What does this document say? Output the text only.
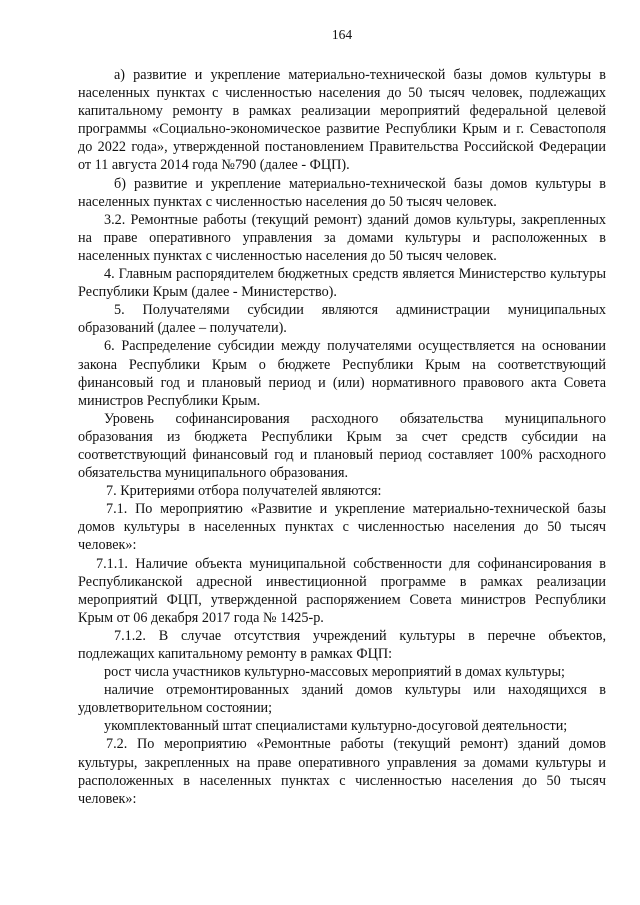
164

а) развитие и укрепление материально-технической базы домов культуры в населенных пунктах с численностью населения до 50 тысяч человек, подлежащих капитальному ремонту в рамках реализации мероприятий федеральной целевой программы «Социально-экономическое развитие Республики Крым и г. Севастополя до 2022 года», утвержденной постановлением Правительства Российской Федерации от 11 августа 2014 года №790 (далее - ФЦП).

б) развитие и укрепление материально-технической базы домов культуры в населенных пунктах с численностью населения до 50 тысяч человек.

3.2. Ремонтные работы (текущий ремонт) зданий домов культуры, закрепленных на праве оперативного управления за домами культуры и расположенных в населенных пунктах с численностью населения до 50 тысяч человек.

4. Главным распорядителем бюджетных средств является Министерство культуры Республики Крым (далее - Министерство).

5. Получателями субсидии являются администрации муниципальных образований (далее – получатели).

6. Распределение субсидии между получателями осуществляется на основании закона Республики Крым о бюджете Республики Крым на соответствующий финансовый год и плановый период и (или) нормативного правового акта Совета министров Республики Крым.

Уровень софинансирования расходного обязательства муниципального образования из бюджета Республики Крым за счет средств субсидии на соответствующий финансовый год и плановый период составляет 100% расходного обязательства муниципального образования.

7. Критериями отбора получателей являются:

7.1. По мероприятию «Развитие и укрепление материально-технической базы домов культуры в населенных пунктах с численностью населения до 50 тысяч человек»:

7.1.1. Наличие объекта муниципальной собственности для софинансирования в Республиканской адресной инвестиционной программе в рамках реализации мероприятий ФЦП, утвержденной распоряжением Совета министров Республики Крым от 06 декабря 2017 года № 1425-р.

7.1.2. В случае отсутствия учреждений культуры в перечне объектов, подлежащих капитальному ремонту в рамках ФЦП:

рост числа участников культурно-массовых мероприятий в домах культуры;

наличие отремонтированных зданий домов культуры или находящихся в удовлетворительном состоянии;

укомплектованный штат специалистами культурно-досуговой деятельности;

7.2. По мероприятию «Ремонтные работы (текущий ремонт) зданий домов культуры, закрепленных на праве оперативного управления за домами культуры и расположенных в населенных пунктах с численностью населения до 50 тысяч человек»:
